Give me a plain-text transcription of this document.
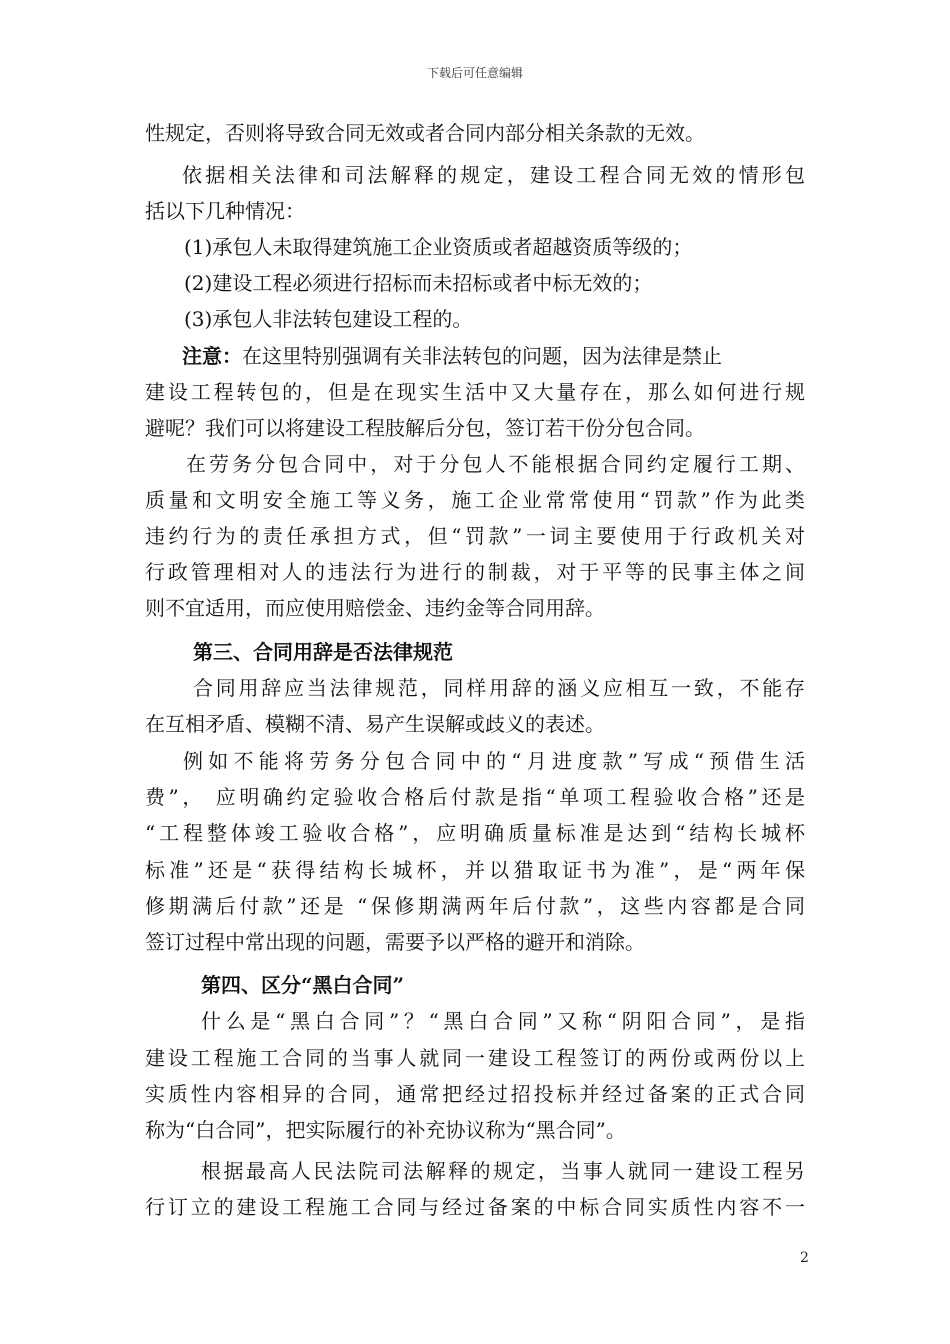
下载后可任意编辑
性规定，否则将导致合同无效或者合同内部分相关条款的无效。
依据相关法律和司法解释的规定，建设工程合同无效的情形包
括以下几种情况：
(1)承包人未取得建筑施工企业资质或者超越资质等级的；
(2)建设工程必须进行招标而未招标或者中标无效的；
(3)承包人非法转包建设工程的。
注意：在这里特别强调有关非法转包的问题，因为法律是禁止
建设工程转包的，但是在现实生活中又大量存在，那么如何进行规
避呢？我们可以将建设工程肢解后分包，签订若干份分包合同。
在劳务分包合同中，对于分包人不能根据合同约定履行工期、
质量和文明安全施工等义务，施工企业常常使用“罚款”作为此类
违约行为的责任承担方式，但“罚款”一词主要使用于行政机关对
行政管理相对人的违法行为进行的制裁，对于平等的民事主体之间
则不宜适用，而应使用赔偿金、违约金等合同用辞。
第三、合同用辞是否法律规范
合同用辞应当法律规范，同样用辞的涵义应相互一致，不能存
在互相矛盾、模糊不清、易产生误解或歧义的表述。
例如不能将劳务分包合同中的“月进度款”写成“预借生活
费”， 应明确约定验收合格后付款是指“单项工程验收合格”还是
“工程整体竣工验收合格”，应明确质量标准是达到“结构长城杯
标准”还是“获得结构长城杯，并以猎取证书为准”，是“两年保
修期满后付款”还是 “保修期满两年后付款”，这些内容都是合同
签订过程中常出现的问题，需要予以严格的避开和消除。
第四、区分“黑白合同”
什么是“黑白合同”？“黑白合同”又称“阴阳合同”，是指
建设工程施工合同的当事人就同一建设工程签订的两份或两份以上
实质性内容相异的合同，通常把经过招投标并经过备案的正式合同
称为“白合同”，把实际履行的补充协议称为“黑合同”。
根据最高人民法院司法解释的规定，当事人就同一建设工程另
行订立的建设工程施工合同与经过备案的中标合同实质性内容不一
2
